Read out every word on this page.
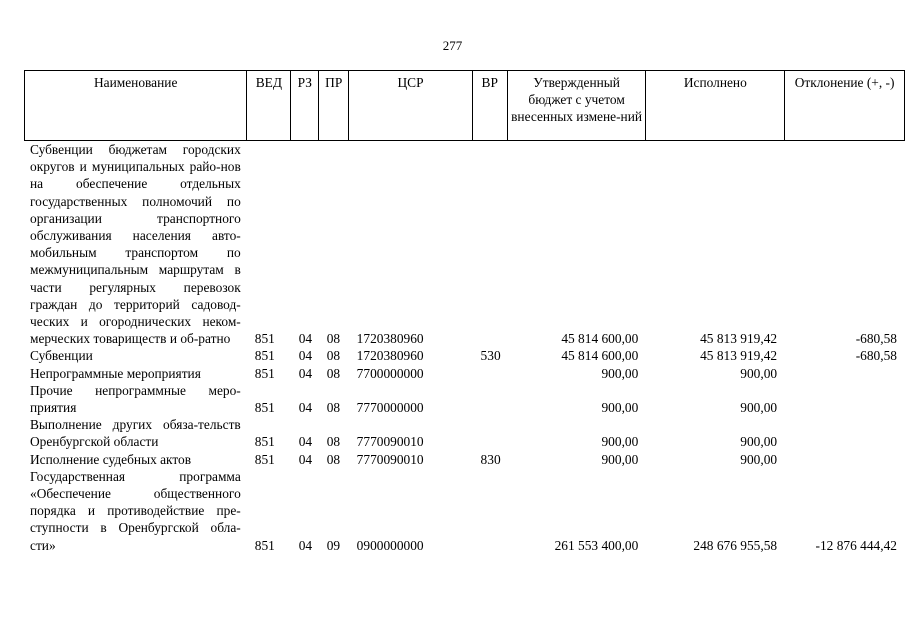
277
Наименование	ВЕД	РЗ	ПР	ЦСР	ВР	Утвержденный бюджет с учетом внесенных измене-ний	Исполнено	Отклонение (+, -)
Субвенции бюджетам городских округов и муниципальных райо-нов на обеспечение отдельных государственных полномочий по организации транспортного обслуживания населения авто-мобильным транспортом по межмуниципальным маршрутам в части регулярных перевозок граждан до территорий садовод-ческих и огороднических неком-мерческих товариществ и об-ратно	851	04	08	1720380960		45 814 600,00	45 813 919,42	-680,58
Субвенции	851	04	08	1720380960	530	45 814 600,00	45 813 919,42	-680,58
Непрограммные мероприятия	851	04	08	7700000000		900,00	900,00	
Прочие непрограммные меро-приятия	851	04	08	7770000000		900,00	900,00	
Выполнение других обяза-тельств Оренбургской области	851	04	08	7770090010		900,00	900,00	
Исполнение судебных актов	851	04	08	7770090010	830	900,00	900,00	
Государственная программа «Обеспечение общественного порядка и противодействие пре-ступности в Оренбургской обла-сти»	851	04	09	0900000000		261 553 400,00	248 676 955,58	-12 876 444,42
